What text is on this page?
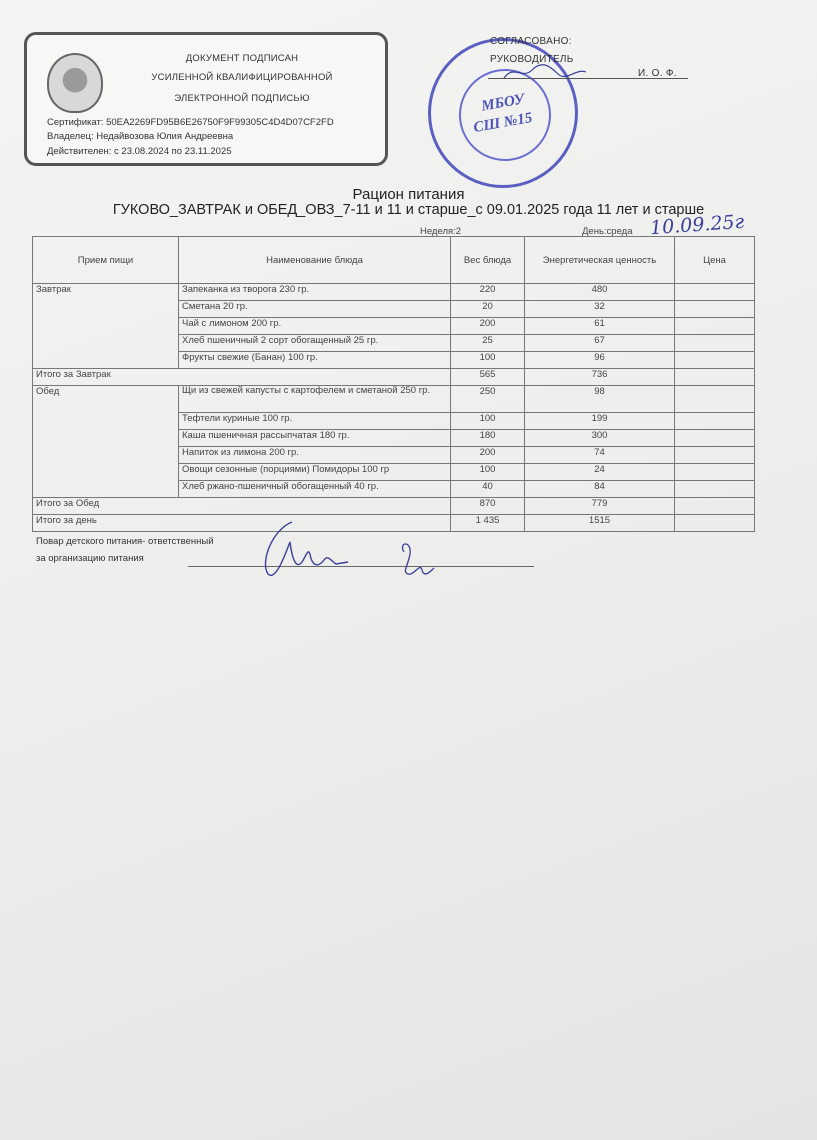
ДОКУМЕНТ ПОДПИСАН
УСИЛЕННОЙ КВАЛИФИЦИРОВАННОЙ
ЭЛЕКТРОННОЙ ПОДПИСЬЮ
Сертификат: 50EA2269FD95B6E26750F9F99305C4D4D07CF2FD
Владелец: Недайвозова Юлия Андреевна
Действителен: с 23.08.2024 по 23.11.2025
МБОУ
СШ №15
СОГЛАСОВАНО:
РУКОВОДИТЕЛЬ
И. О. Ф.
Рацион питания
ГУКОВО_ЗАВТРАК и ОБЕД_ОВЗ_7-11 и 11 и старше_с 09.01.2025 года 11 лет и старше
Неделя:2	День:среда 10.09.25г
Прием пищи	Наименование блюда	Вес блюда	Энергетическая ценность	Цена
Завтрак	Запеканка из творога 230 гр.	220	480	
	Сметана 20 гр.	20	32	
	Чай с лимоном 200 гр.	200	61	
	Хлеб пшеничный 2 сорт обогащенный 25 гр.	25	67	
	Фрукты свежие (Банан) 100 гр.	100	96	
Итого за Завтрак		565	736	
Обед	Щи из свежей капусты с картофелем и сметаной 250 гр.	250	98	
	Тефтели куриные 100 гр.	100	199	
	Каша пшеничная рассыпчатая 180 гр.	180	300	
	Напиток из лимона 200 гр.	200	74	
	Овощи сезонные (порциями) Помидоры 100 гр	100	24	
	Хлеб ржано-пшеничный обогащенный 40 гр.	40	84	
Итого за Обед		870	779	
Итого за день		1 435	1515	
Повар детского питания- ответственный
за организацию питания
